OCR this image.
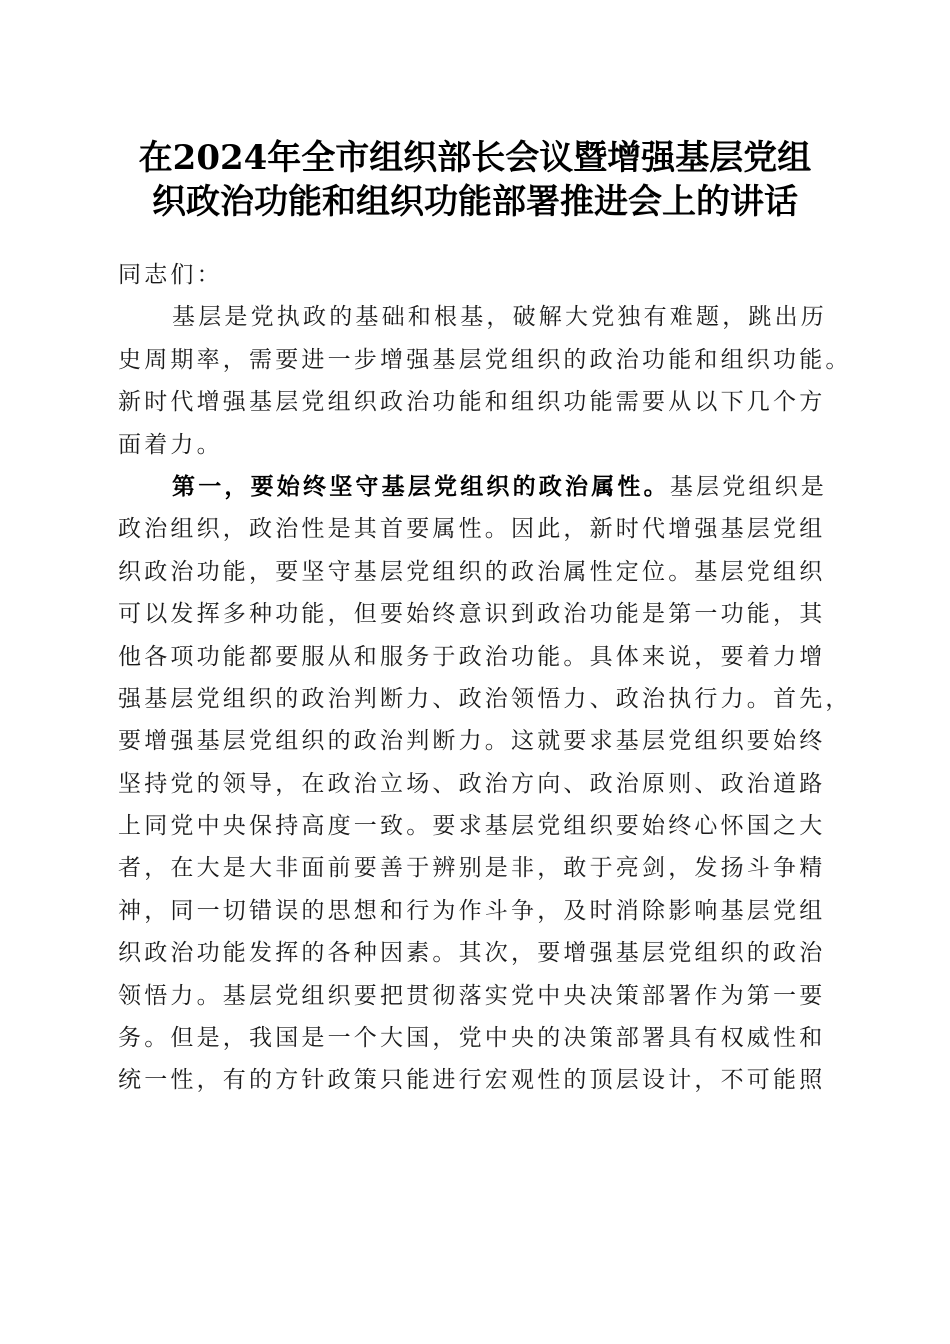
在2024年全市组织部长会议暨增强基层党组
织政治功能和组织功能部署推进会上的讲话
同志们：
基层是党执政的基础和根基，破解大党独有难题，跳出历
史周期率，需要进一步增强基层党组织的政治功能和组织功能。
新时代增强基层党组织政治功能和组织功能需要从以下几个方
面着力。
第一，要始终坚守基层党组织的政治属性。基层党组织是
政治组织，政治性是其首要属性。因此，新时代增强基层党组
织政治功能，要坚守基层党组织的政治属性定位。基层党组织
可以发挥多种功能，但要始终意识到政治功能是第一功能，其
他各项功能都要服从和服务于政治功能。具体来说，要着力增
强基层党组织的政治判断力、政治领悟力、政治执行力。首先，
要增强基层党组织的政治判断力。这就要求基层党组织要始终
坚持党的领导，在政治立场、政治方向、政治原则、政治道路
上同党中央保持高度一致。要求基层党组织要始终心怀国之大
者，在大是大非面前要善于辨别是非，敢于亮剑，发扬斗争精
神，同一切错误的思想和行为作斗争，及时消除影响基层党组
织政治功能发挥的各种因素。其次，要增强基层党组织的政治
领悟力。基层党组织要把贯彻落实党中央决策部署作为第一要
务。但是，我国是一个大国，党中央的决策部署具有权威性和
统一性，有的方针政策只能进行宏观性的顶层设计，不可能照
